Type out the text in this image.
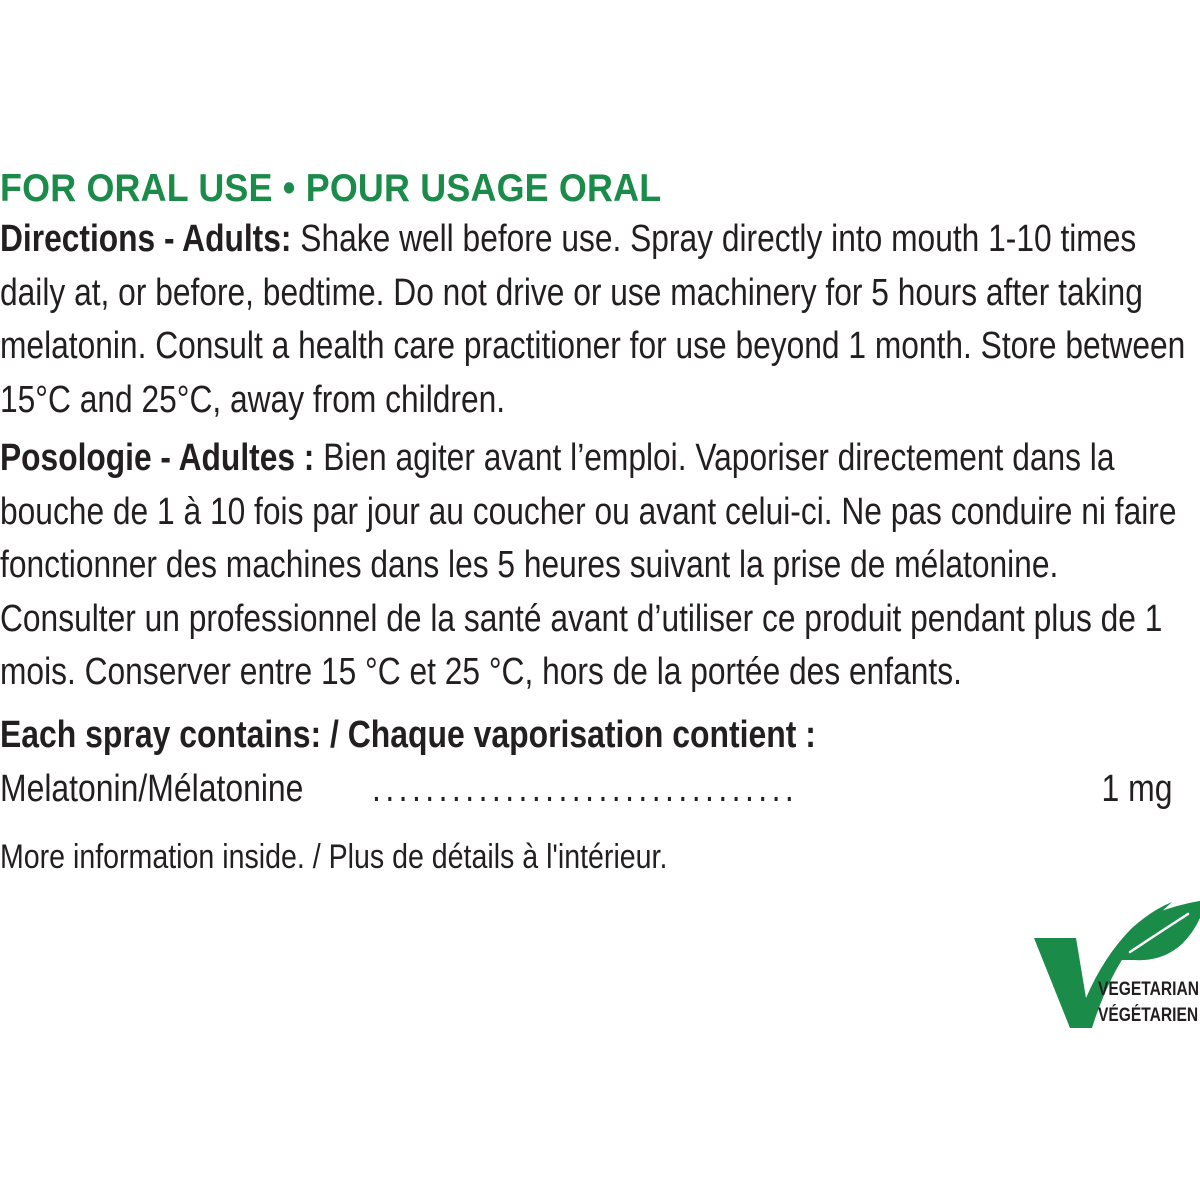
FOR ORAL USE • POUR USAGE ORAL

Directions - Adults: Shake well before use. Spray directly into mouth 1-10 times daily at, or before, bedtime. Do not drive or use machinery for 5 hours after taking melatonin. Consult a health care practitioner for use beyond 1 month. Store between 15°C and 25°C, away from children.

Posologie - Adultes : Bien agiter avant l’emploi. Vaporiser directement dans la bouche de 1 à 10 fois par jour au coucher ou avant celui-ci. Ne pas conduire ni faire fonctionner des machines dans les 5 heures suivant la prise de mélatonine. Consulter un professionnel de la santé avant d’utiliser ce produit pendant plus de 1 mois. Conserver entre 15 °C et 25 °C, hors de la portée des enfants.

Each spray contains: / Chaque vaporisation contient :
Melatonin/Mélatonine ................................	1 mg
More information inside. / Plus de détails à l'intérieur.
VEGETARIAN
VÉGÉTARIEN
